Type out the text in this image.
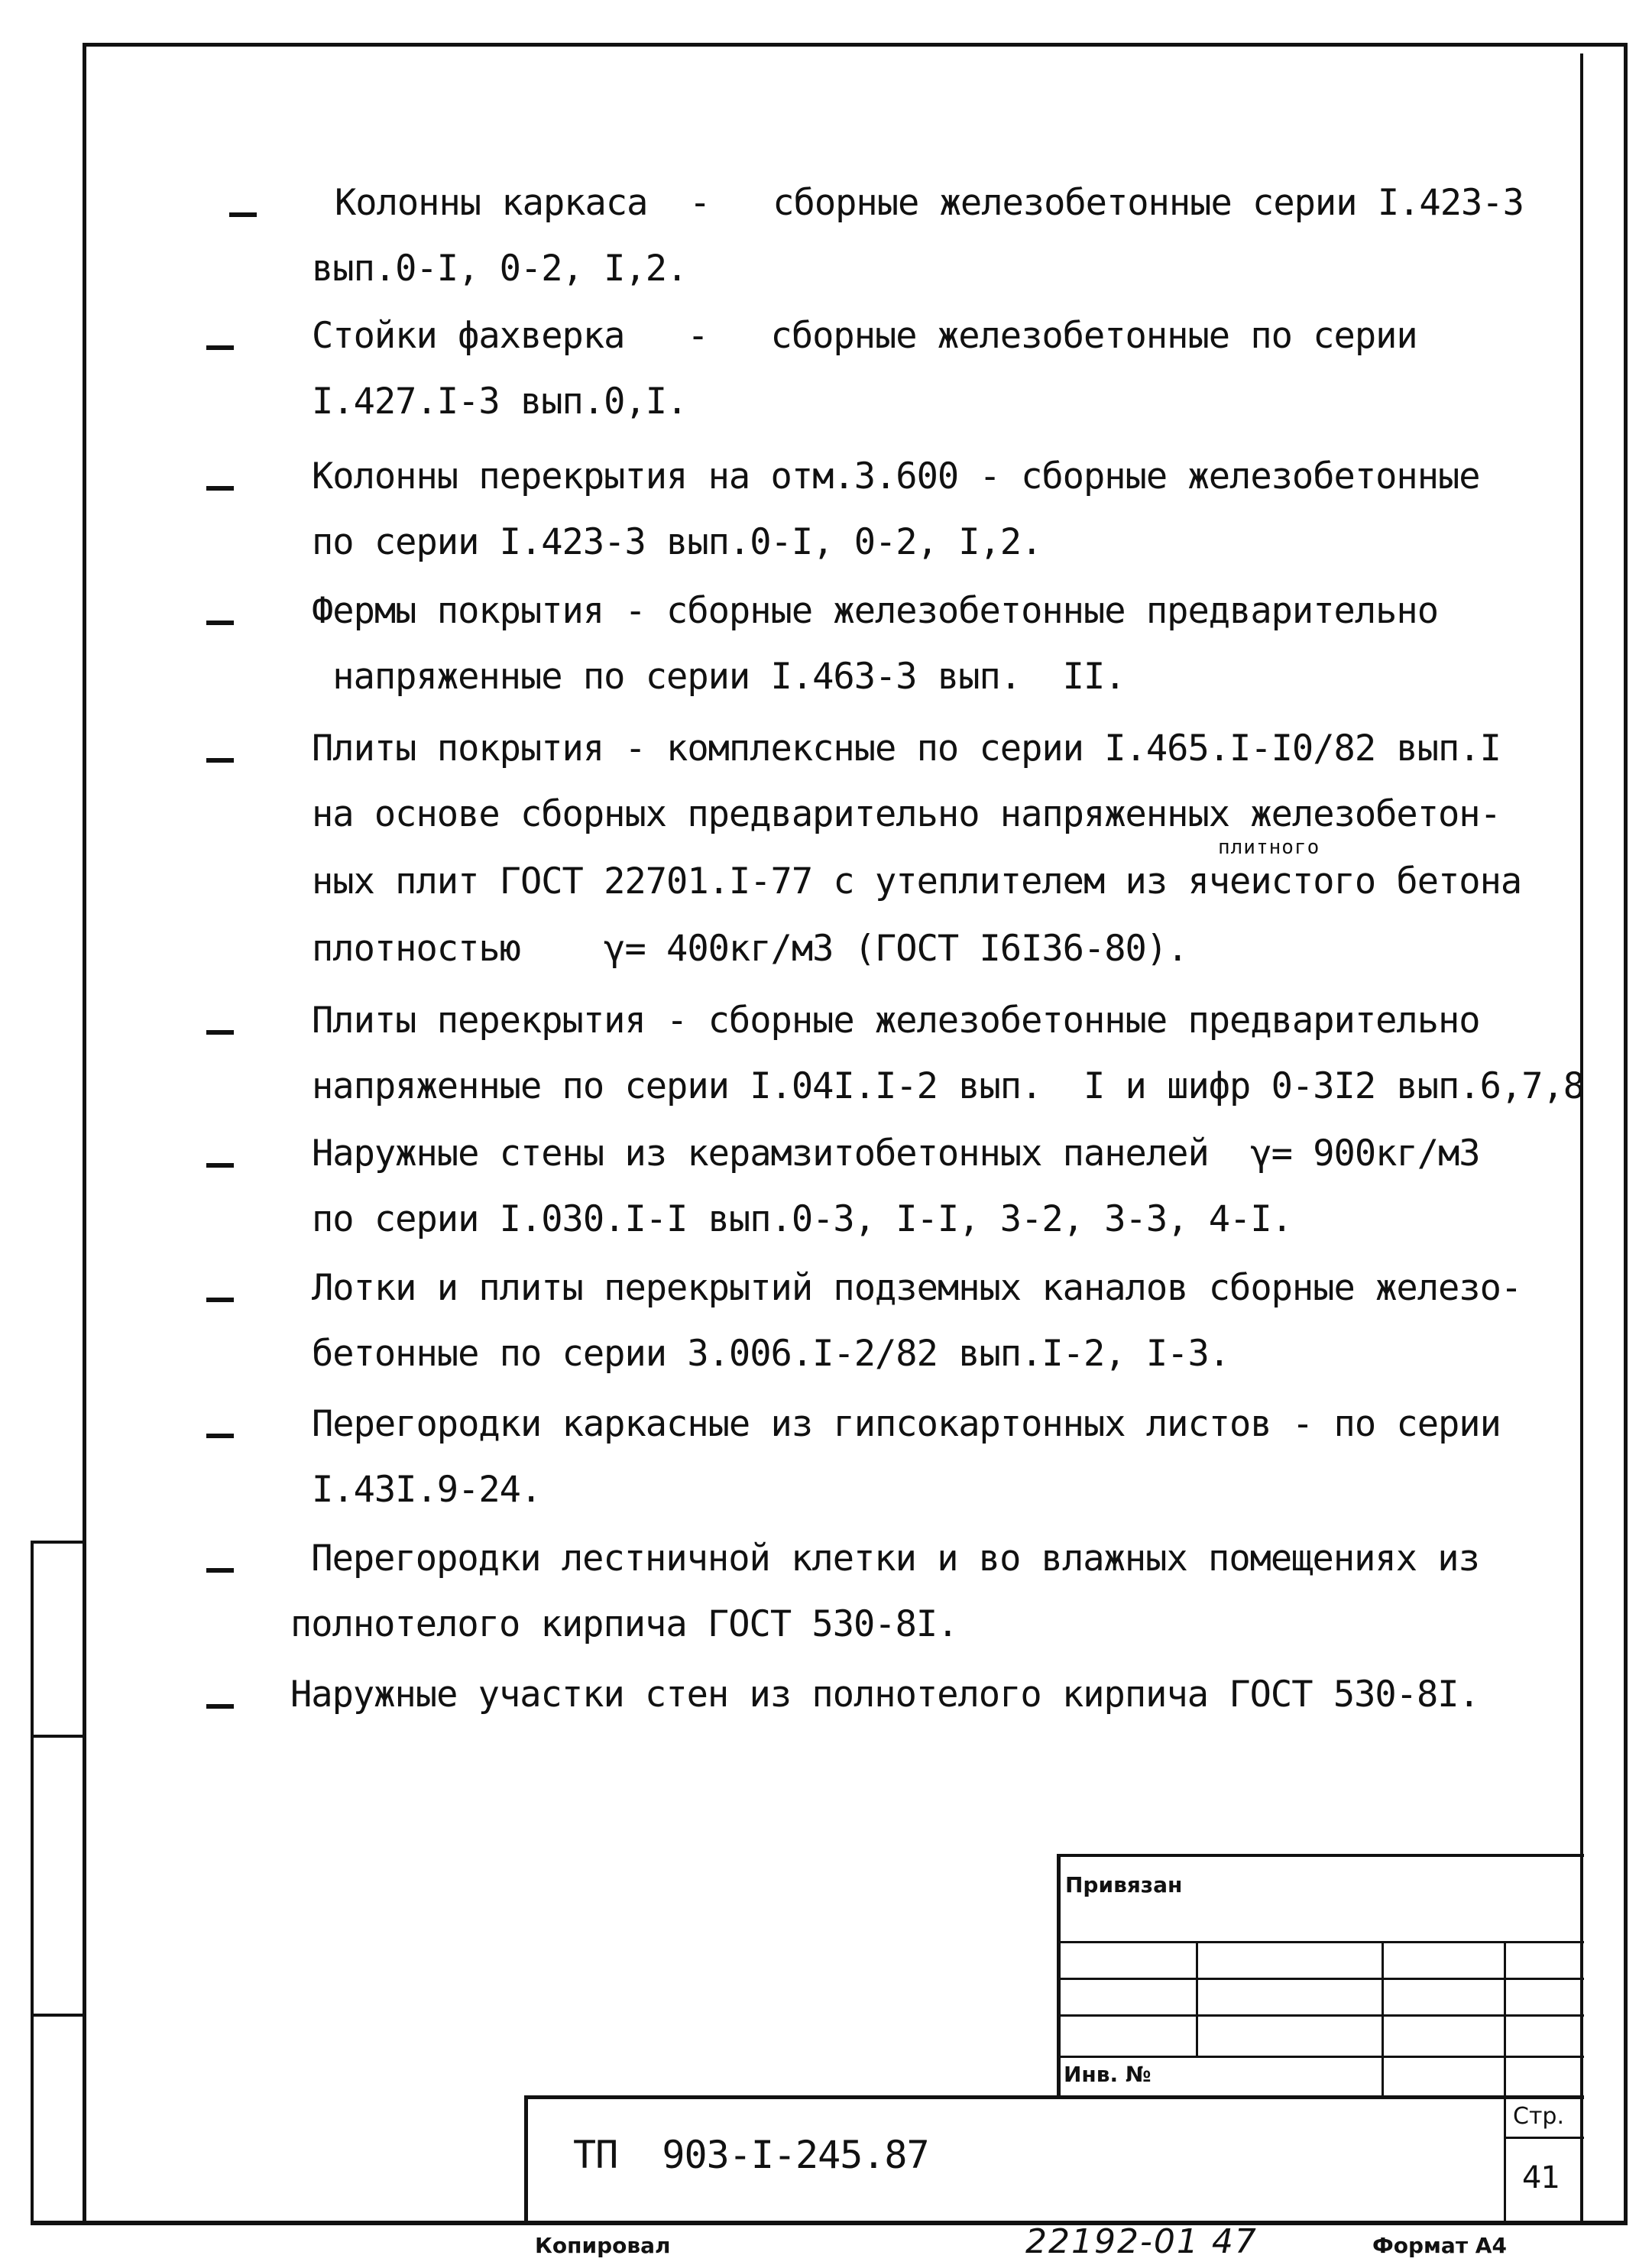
Колонны каркаса  -   сборные железобетонные серии I.423-3
вып.0-I, 0-2, I,2.
Стойки фахверка   -   сборные железобетонные по серии
I.427.I-3 вып.0,I.
Колонны перекрытия на отм.3.600 - сборные железобетонные
по серии I.423-3 вып.0-I, 0-2, I,2.
Фермы покрытия - сборные железобетонные предварительно
напряженные по серии I.463-3 вып.  II.
Плиты покрытия - комплексные по серии I.465.I-I0/82 вып.I
на основе сборных предварительно напряженных железобетон-
плитного
ных плит ГОСТ 22701.I-77 с утеплителем из ячеистого бетона
плотностью    γ= 400кг/м3 (ГОСТ I6I36-80).
Плиты перекрытия - сборные железобетонные предварительно
напряженные по серии I.04I.I-2 вып.  I и шифр 0-3I2 вып.6,7,8
Наружные стены из керамзитобетонных панелей  γ= 900кг/м3
по серии I.030.I-I вып.0-3, I-I, 3-2, 3-3, 4-I.
Лотки и плиты перекрытий подземных каналов сборные железо-
бетонные по серии 3.006.I-2/82 вып.I-2, I-3.
Перегородки каркасные из гипсокартонных листов - по серии
I.43I.9-24.
Перегородки лестничной клетки и во влажных помещениях из
полнотелого кирпича ГОСТ 530-8I.
Наружные участки стен из полнотелого кирпича ГОСТ 530-8I.
Привязан
Инв. №
ТП  903-I-245.87
Стр.
41
Копировал	22192-01 47	Формат А4
